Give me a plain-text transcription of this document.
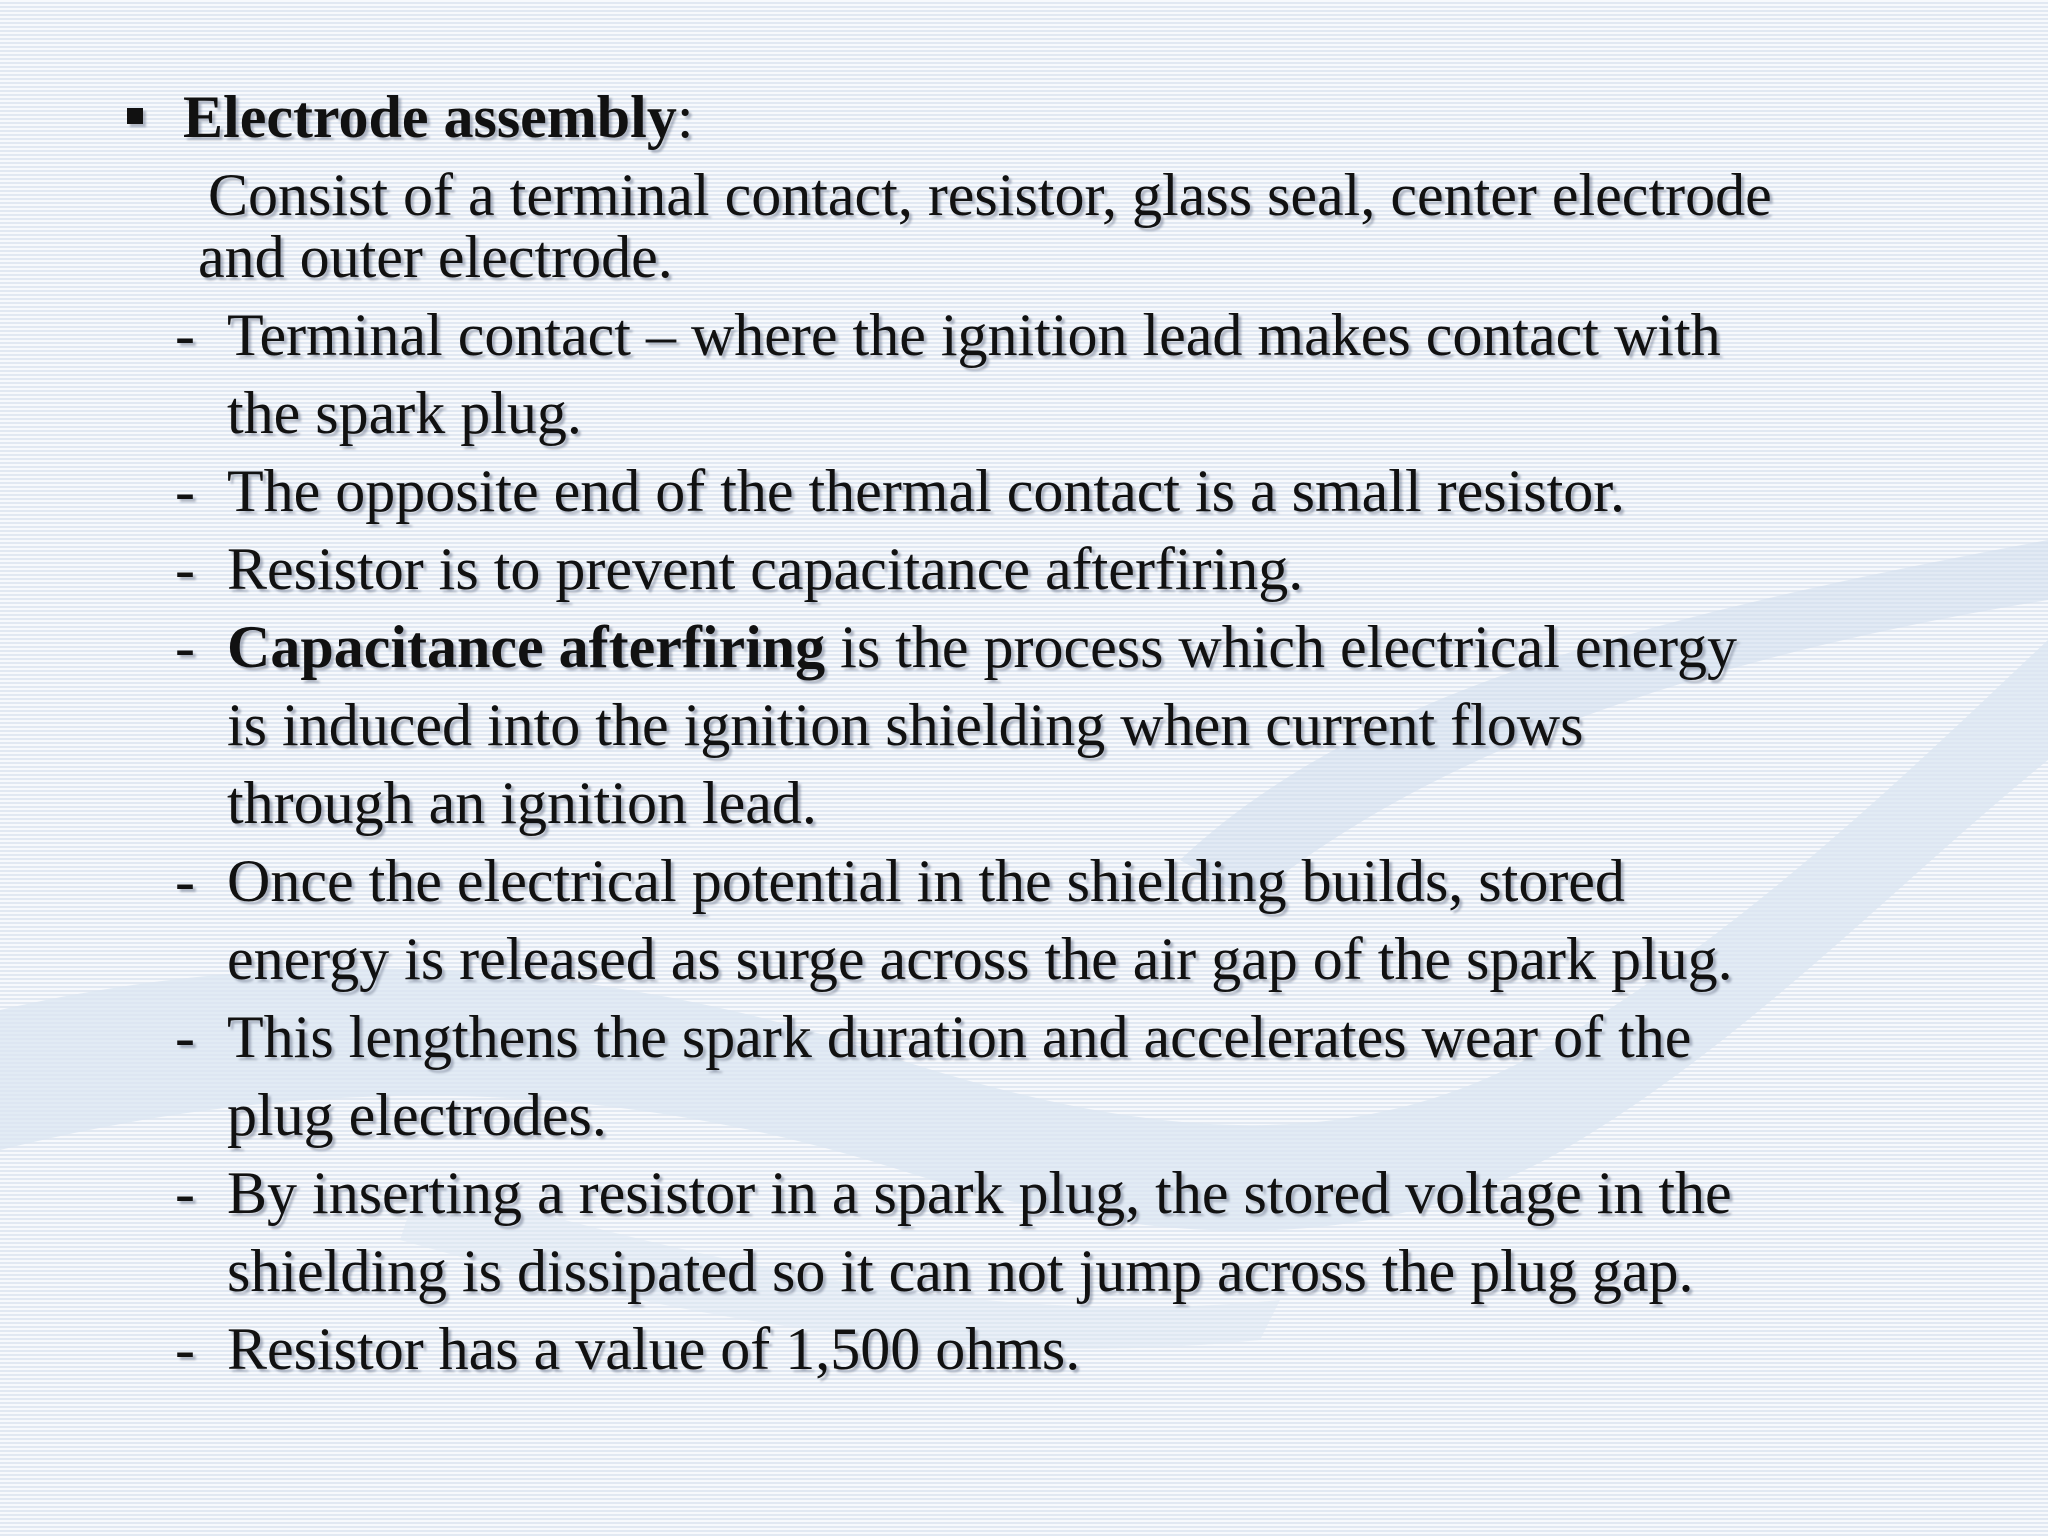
Electrode assembly:
Consist of a terminal contact, resistor, glass seal, center electrode
and outer electrode.
- Terminal contact – where the ignition lead makes contact with
the spark plug.
- The opposite end of the thermal contact is a small resistor.
- Resistor is to prevent capacitance afterfiring.
- Capacitance afterfiring is the process which electrical energy
is induced into the ignition shielding when current flows
through an ignition lead.
- Once the electrical potential in the shielding builds, stored
energy is released as surge across the air gap of the spark plug.
- This lengthens the spark duration and accelerates wear of the
plug electrodes.
- By inserting a resistor in a spark plug, the stored voltage in the
shielding is dissipated so it can not jump across the plug gap.
- Resistor has a value of 1,500 ohms.
